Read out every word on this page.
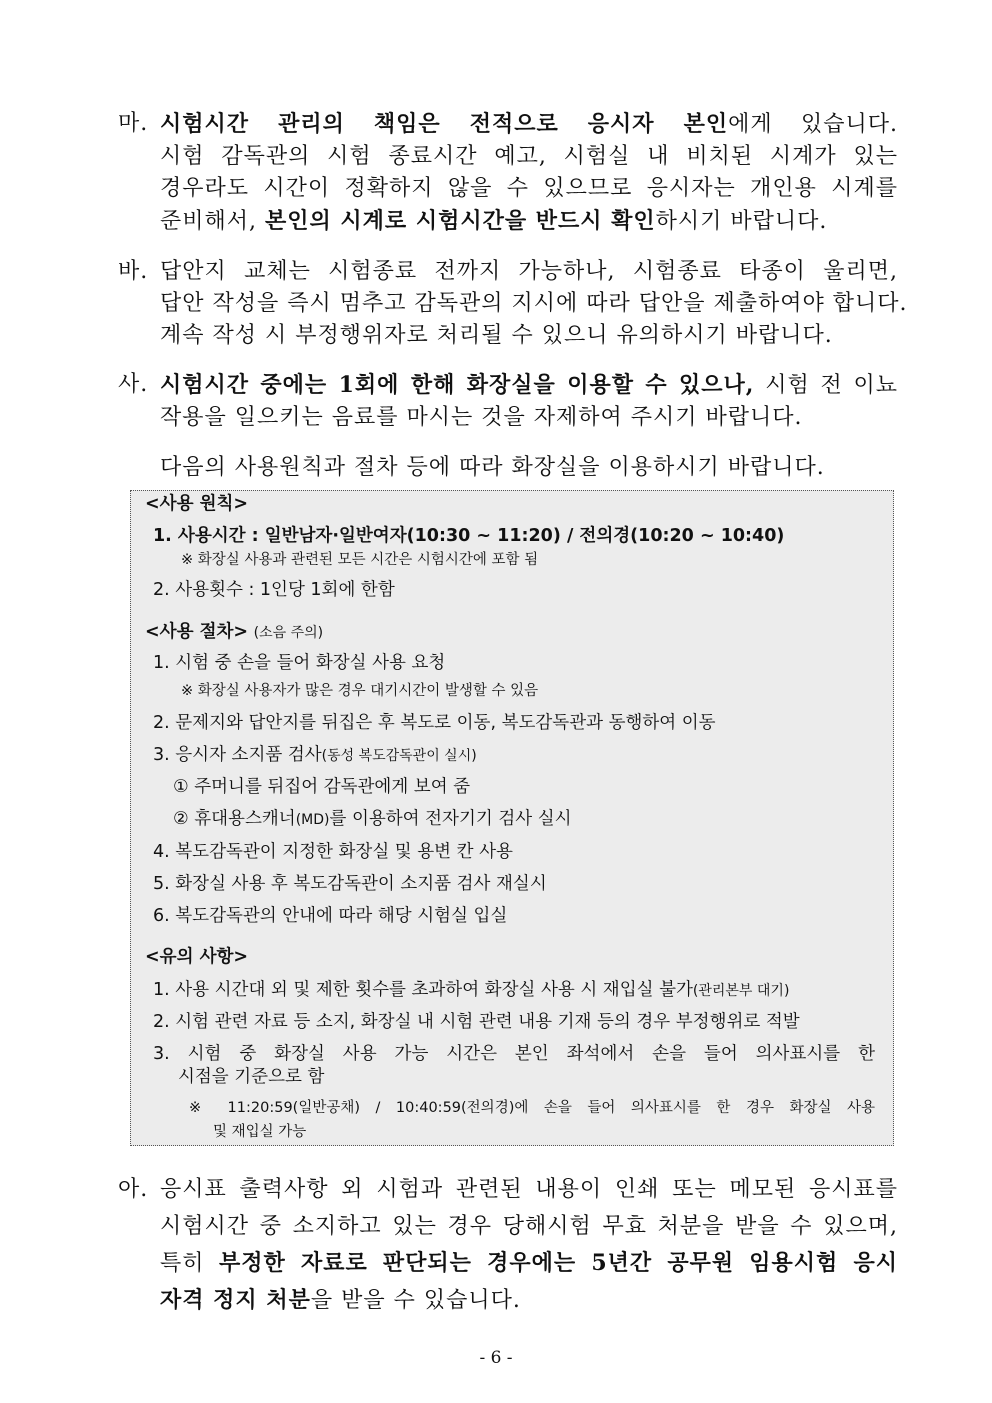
마. 시험시간 관리의 책임은 전적으로 응시자 본인에게 있습니다.
시험 감독관의 시험 종료시간 예고, 시험실 내 비치된 시계가 있는
경우라도 시간이 정확하지 않을 수 있으므로 응시자는 개인용 시계를
준비해서, 본인의 시계로 시험시간을 반드시 확인하시기 바랍니다.
바. 답안지 교체는 시험종료 전까지 가능하나, 시험종료 타종이 울리면,
답안 작성을 즉시 멈추고 감독관의 지시에 따라 답안을 제출하여야 합니다.
계속 작성 시 부정행위자로 처리될 수 있으니 유의하시기 바랍니다.
사. 시험시간 중에는 1회에 한해 화장실을 이용할 수 있으나, 시험 전 이뇨
작용을 일으키는 음료를 마시는 것을 자제하여 주시기 바랍니다.
다음의 사용원칙과 절차 등에 따라 화장실을 이용하시기 바랍니다.
<사용 원칙>
1. 사용시간 : 일반남자·일반여자(10:30 ~ 11:20) / 전의경(10:20 ~ 10:40)
※ 화장실 사용과 관련된 모든 시간은 시험시간에 포함 됨
2. 사용횟수 : 1인당 1회에 한함
<사용 절차> (소음 주의)
1. 시험 중 손을 들어 화장실 사용 요청
※ 화장실 사용자가 많은 경우 대기시간이 발생할 수 있음
2. 문제지와 답안지를 뒤집은 후 복도로 이동, 복도감독관과 동행하여 이동
3. 응시자 소지품 검사(동성 복도감독관이 실시)
① 주머니를 뒤집어 감독관에게 보여 줌
② 휴대용스캐너(MD)를 이용하여 전자기기 검사 실시
4. 복도감독관이 지정한 화장실 및 용변 칸 사용
5. 화장실 사용 후 복도감독관이 소지품 검사 재실시
6. 복도감독관의 안내에 따라 해당 시험실 입실
<유의 사항>
1. 사용 시간대 외 및 제한 횟수를 초과하여 화장실 사용 시 재입실 불가(관리본부 대기)
2. 시험 관련 자료 등 소지, 화장실 내 시험 관련 내용 기재 등의 경우 부정행위로 적발
3. 시험 중 화장실 사용 가능 시간은 본인 좌석에서 손을 들어 의사표시를 한
시점을 기준으로 함
※ 11:20:59(일반공채) / 10:40:59(전의경)에 손을 들어 의사표시를 한 경우 화장실 사용
및 재입실 가능
아. 응시표 출력사항 외 시험과 관련된 내용이 인쇄 또는 메모된 응시표를
시험시간 중 소지하고 있는 경우 당해시험 무효 처분을 받을 수 있으며,
특히 부정한 자료로 판단되는 경우에는 5년간 공무원 임용시험 응시
자격 정지 처분을 받을 수 있습니다.
- 6 -
